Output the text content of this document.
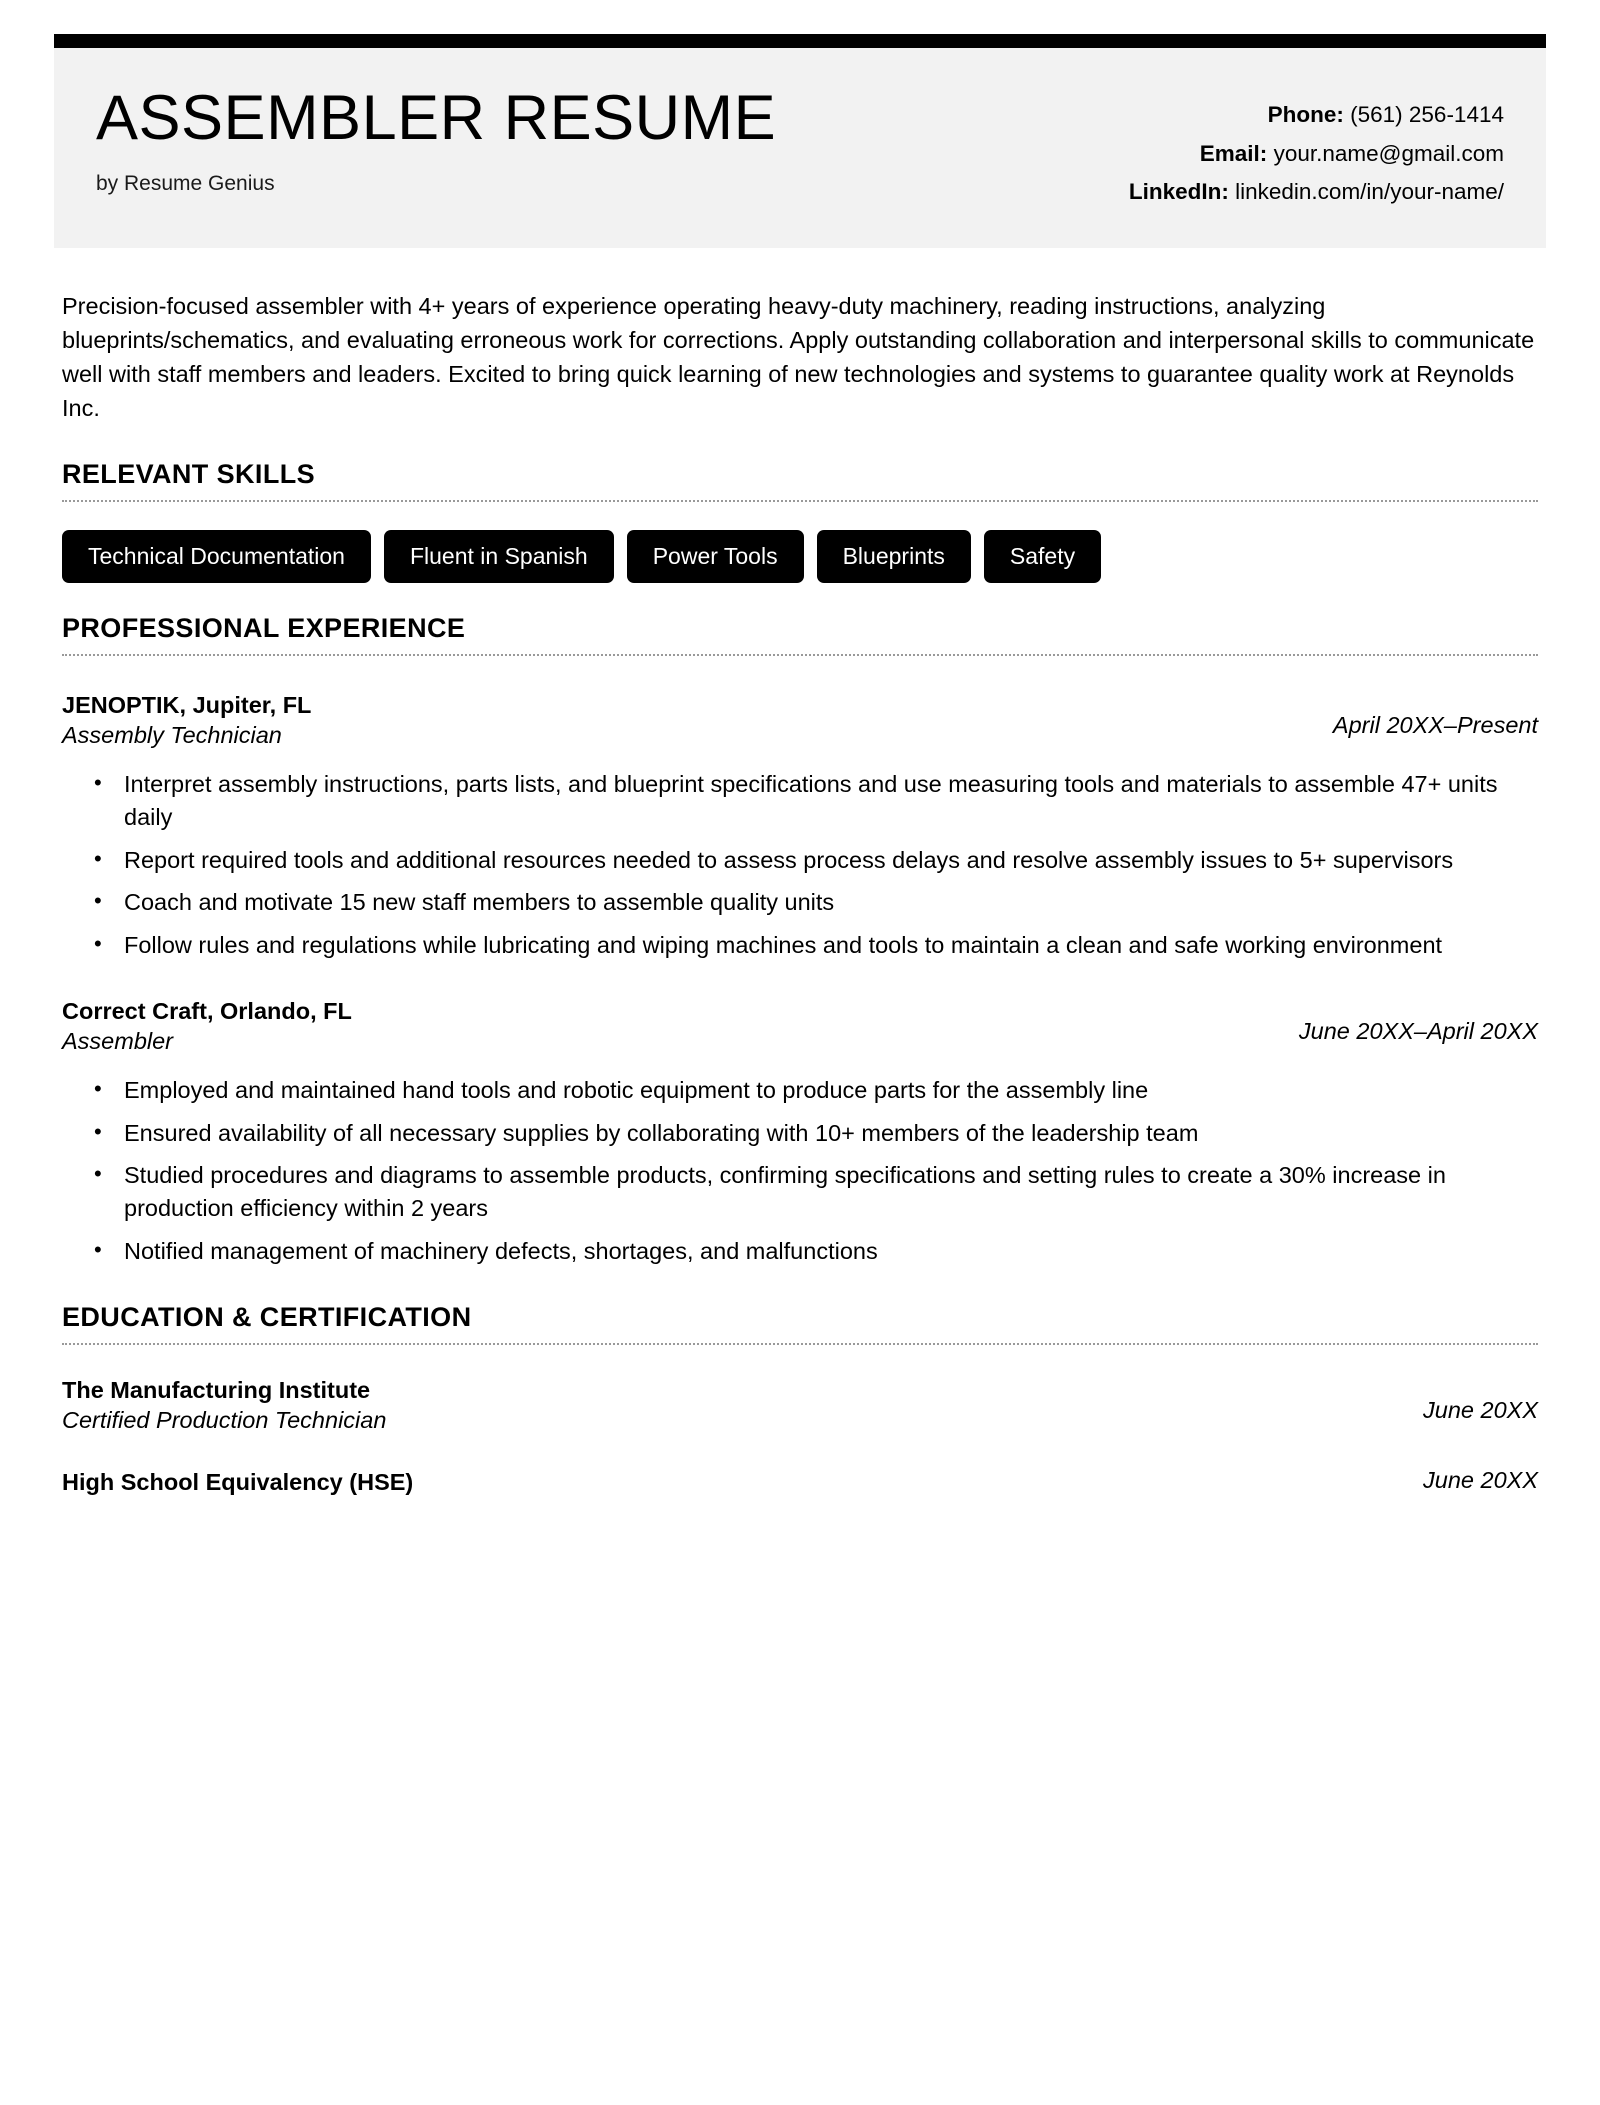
ASSEMBLER RESUME
by Resume Genius
Phone: (561) 256-1414
Email: your.name@gmail.com
LinkedIn: linkedin.com/in/your-name/
Precision-focused assembler with 4+ years of experience operating heavy-duty machinery, reading instructions, analyzing blueprints/schematics, and evaluating erroneous work for corrections. Apply outstanding collaboration and interpersonal skills to communicate well with staff members and leaders. Excited to bring quick learning of new technologies and systems to guarantee quality work at Reynolds Inc.
RELEVANT SKILLS
Technical Documentation	Fluent in Spanish	Power Tools	Blueprints	Safety
PROFESSIONAL EXPERIENCE
JENOPTIK, Jupiter, FL
Assembly Technician	April 20XX–Present
• Interpret assembly instructions, parts lists, and blueprint specifications and use measuring tools and materials to assemble 47+ units daily
• Report required tools and additional resources needed to assess process delays and resolve assembly issues to 5+ supervisors
• Coach and motivate 15 new staff members to assemble quality units
• Follow rules and regulations while lubricating and wiping machines and tools to maintain a clean and safe working environment
Correct Craft, Orlando, FL
Assembler	June 20XX–April 20XX
• Employed and maintained hand tools and robotic equipment to produce parts for the assembly line
• Ensured availability of all necessary supplies by collaborating with 10+ members of the leadership team
• Studied procedures and diagrams to assemble products, confirming specifications and setting rules to create a 30% increase in production efficiency within 2 years
• Notified management of machinery defects, shortages, and malfunctions
EDUCATION & CERTIFICATION
The Manufacturing Institute
Certified Production Technician	June 20XX
High School Equivalency (HSE)	June 20XX
